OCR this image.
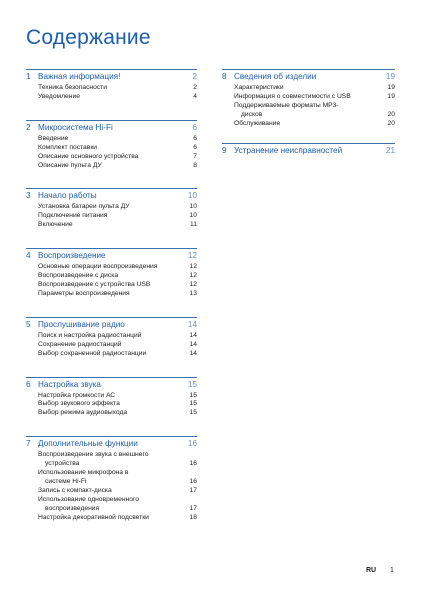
Содержание
1 Важная информация!	2
Техника безопасности	2
Уведомление	4
2 Микросистема Hi-Fi	6
Введение	6
Комплект поставки	6
Описание основного устройства	7
Описание пульта ДУ	8
3 Начало работы	10
Установка батареи пульта ДУ	10
Подключение питания	10
Включение	11
4 Воспроизведение	12
Основные операции воспроизведения	12
Воспроизведение с диска	12
Воспроизведение с устройства USB	12
Параметры воспроизведения	13
5 Прослушивание радио	14
Поиск и настройка радиостанций	14
Сохранение радиостанций	14
Выбор сохраненной радиостанции	14
6 Настройка звука	15
Настройка громкости АС	15
Выбор звукового эффекта	15
Выбор режима аудиовыхода	15
7 Дополнительные функции	16
Воспроизведение звука с внешнего
устройства	16
Использование микрофона в
системе Hi-Fi	16
Запись с компакт-диска	17
Использование одновременного
воспроизведения	17
Настройка декоративной подсветки	18
8 Сведения об изделии	19
Характеристики	19
Информация о совместимости с USB	19
Поддерживаемые форматы MP3-
дисков	20
Обслуживание	20
9 Устранение неисправностей	21
RU 1
